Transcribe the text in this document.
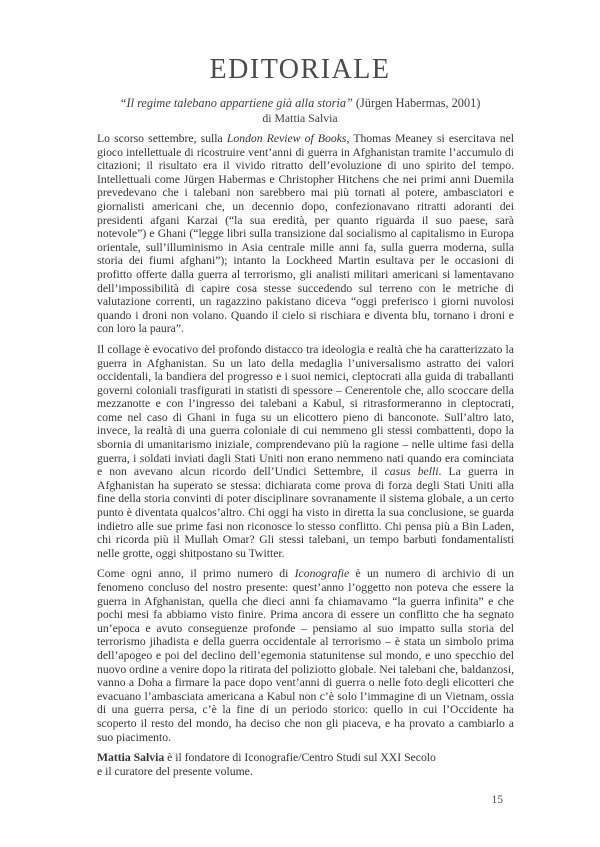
EDITORIALE
“Il regime talebano appartiene già alla storia” (Jürgen Habermas, 2001)
di Mattia Salvia

Lo scorso settembre, sulla London Review of Books, Thomas Meaney si esercitava nel gioco intellettuale di ricostruire vent’anni di guerra in Afghanistan tramite l’accumulo di citazioni; il risultato era il vivido ritratto dell’evoluzione di uno spirito del tempo. Intellettuali come Jürgen Habermas e Christopher Hitchens che nei primi anni Duemila prevedevano che i talebani non sarebbero mai più tornati al potere, ambasciatori e giornalisti americani che, un decennio dopo, confezionavano ritratti adoranti dei presidenti afgani Karzai (“la sua eredità, per quanto riguarda il suo paese, sarà notevole”) e Ghani (“legge libri sulla transizione dal socialismo al capitalismo in Europa orientale, sull’illuminismo in Asia centrale mille anni fa, sulla guerra moderna, sulla storia dei fiumi afghani”); intanto la Lockheed Martin esultava per le occasioni di profitto offerte dalla guerra al terrorismo, gli analisti militari americani si lamentavano dell’impossibilità di capire cosa stesse succedendo sul terreno con le metriche di valutazione correnti, un ragazzino pakistano diceva “oggi preferisco i giorni nuvolosi quando i droni non volano. Quando il cielo si rischiara e diventa blu, tornano i droni e con loro la paura”.

Il collage è evocativo del profondo distacco tra ideologia e realtà che ha caratterizzato la guerra in Afghanistan. Su un lato della medaglia l’universalismo astratto dei valori occidentali, la bandiera del progresso e i suoi nemici, cleptocrati alla guida di traballanti governi coloniali trasfigurati in statisti di spessore – Cenerentole che, allo scoccare della mezzanotte e con l’ingresso dei talebani a Kabul, si ritrasformeranno in cleptocrati, come nel caso di Ghani in fuga su un elicottero pieno di banconote. Sull’altro lato, invece, la realtà di una guerra coloniale di cui nemmeno gli stessi combattenti, dopo la sbornia di umanitarismo iniziale, comprendevano più la ragione – nelle ultime fasi della guerra, i soldati inviati dagli Stati Uniti non erano nemmeno nati quando era cominciata e non avevano alcun ricordo dell’Undici Settembre, il casus belli. La guerra in Afghanistan ha superato se stessa: dichiarata come prova di forza degli Stati Uniti alla fine della storia convinti di poter disciplinare sovranamente il sistema globale, a un certo punto è diventata qualcos’altro. Chi oggi ha visto in diretta la sua conclusione, se guarda indietro alle sue prime fasi non riconosce lo stesso conflitto. Chi pensa più a Bin Laden, chi ricorda più il Mullah Omar? Gli stessi talebani, un tempo barbuti fondamentalisti nelle grotte, oggi shitpostano su Twitter.

Come ogni anno, il primo numero di Iconografie è un numero di archivio di un fenomeno concluso del nostro presente: quest’anno l’oggetto non poteva che essere la guerra in Afghanistan, quella che dieci anni fa chiamavamo “la guerra infinita” e che pochi mesi fa abbiamo visto finire. Prima ancora di essere un conflitto che ha segnato un’epoca e avuto conseguenze profonde – pensiamo al suo impatto sulla storia del terrorismo jihadista e della guerra occidentale al terrorismo – è stata un simbolo prima dell’apogeo e poi del declino dell’egemonia statunitense sul mondo, e uno specchio del nuovo ordine a venire dopo la ritirata del poliziotto globale. Nei talebani che, baldanzosi, vanno a Doha a firmare la pace dopo vent’anni di guerra o nelle foto degli elicotteri che evacuano l’ambasciata americana a Kabul non c’è solo l’immagine di un Vietnam, ossia di una guerra persa, c’è la fine di un periodo storico: quello in cui l’Occidente ha scoperto il resto del mondo, ha deciso che non gli piaceva, e ha provato a cambiarlo a suo piacimento.

Mattia Salvia è il fondatore di Iconografie/Centro Studi sul XXI Secolo
e il curatore del presente volume.

15
